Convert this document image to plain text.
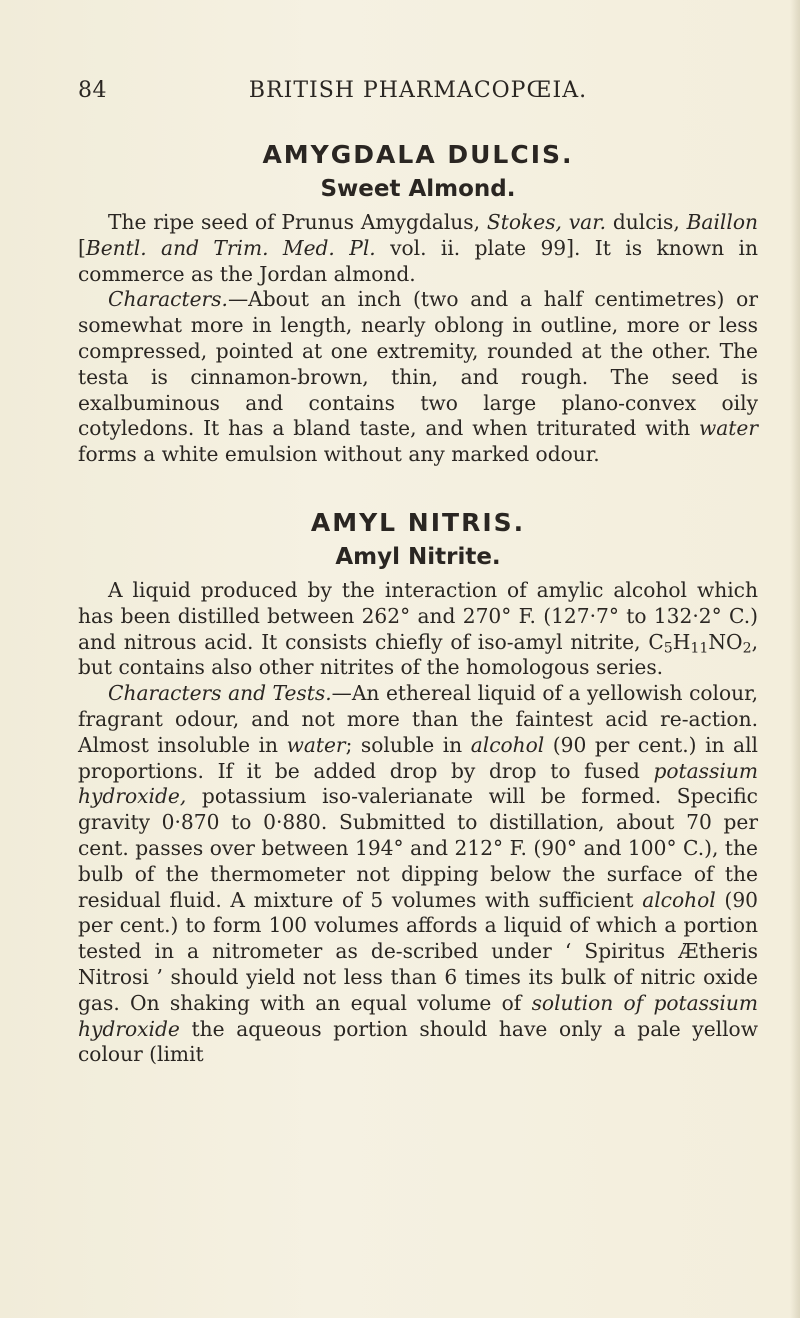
84	BRITISH PHARMACOPŒIA.
AMYGDALA DULCIS.
Sweet Almond.

The ripe seed of Prunus Amygdalus, Stokes, var. dulcis, Baillon [Bentl. and Trim. Med. Pl. vol. ii. plate 99]. It is known in commerce as the Jordan almond.

Characters.—About an inch (two and a half centimetres) or somewhat more in length, nearly oblong in outline, more or less compressed, pointed at one extremity, rounded at the other. The testa is cinnamon-brown, thin, and rough. The seed is exalbuminous and contains two large plano-convex oily cotyledons. It has a bland taste, and when triturated with water forms a white emulsion without any marked odour.

AMYL NITRIS.
Amyl Nitrite.

A liquid produced by the interaction of amylic alcohol which has been distilled between 262° and 270° F. (127·7° to 132·2° C.) and nitrous acid. It consists chiefly of iso-amyl nitrite, $C_5H_{11}NO_2$, but contains also other nitrites of the homologous series.

Characters and Tests.—An ethereal liquid of a yellowish colour, fragrant odour, and not more than the faintest acid re-action. Almost insoluble in water; soluble in alcohol (90 per cent.) in all proportions. If it be added drop by drop to fused potassium hydroxide, potassium iso-valerianate will be formed. Specific gravity 0·870 to 0·880. Submitted to distillation, about 70 per cent. passes over between 194° and 212° F. (90° and 100° C.), the bulb of the thermometer not dipping below the surface of the residual fluid. A mixture of 5 volumes with sufficient alcohol (90 per cent.) to form 100 volumes affords a liquid of which a portion tested in a nitrometer as de-scribed under ‘ Spiritus Ætheris Nitrosi ’ should yield not less than 6 times its bulk of nitric oxide gas. On shaking with an equal volume of solution of potassium hydroxide the aqueous portion should have only a pale yellow colour (limit
